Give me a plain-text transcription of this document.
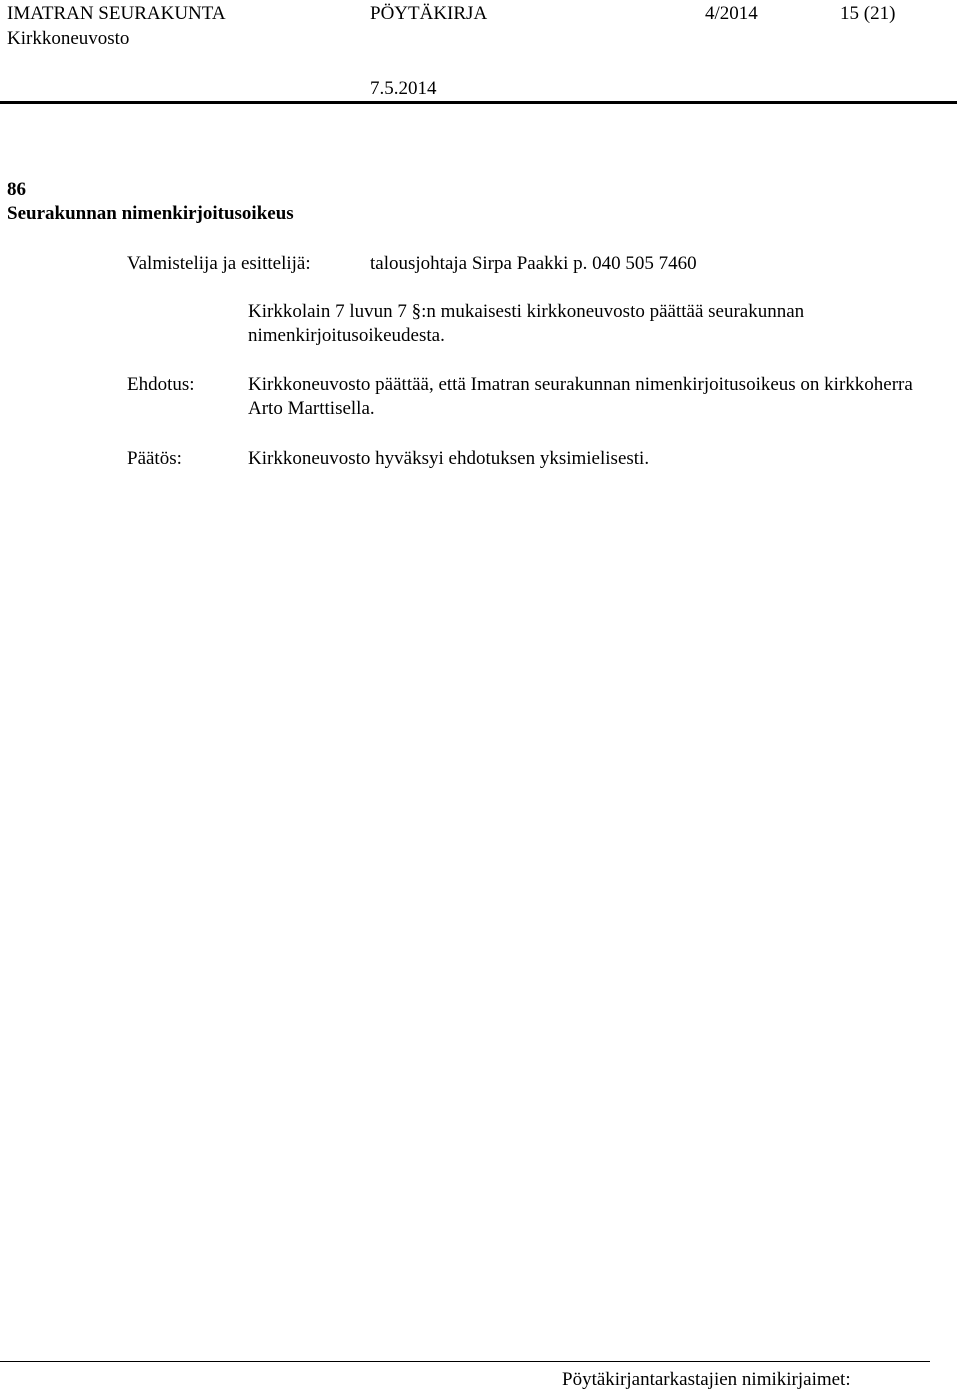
IMATRAN SEURAKUNTA
Kirkkoneuvosto
PÖYTÄKIRJA	4/2014	15 (21)
7.5.2014
86
Seurakunnan nimenkirjoitusoikeus
Valmistelija ja esittelijä:	talousjohtaja Sirpa Paakki p. 040 505 7460
Kirkkolain 7 luvun 7 §:n mukaisesti kirkkoneuvosto päättää seurakunnan nimenkirjoitusoikeudesta.
Ehdotus:	Kirkkoneuvosto päättää, että Imatran seurakunnan nimenkirjoitusoikeus on kirkkoherra Arto Marttisella.
Päätös:	Kirkkoneuvosto hyväksyi ehdotuksen yksimielisesti.
Pöytäkirjantarkastajien nimikirjaimet:
